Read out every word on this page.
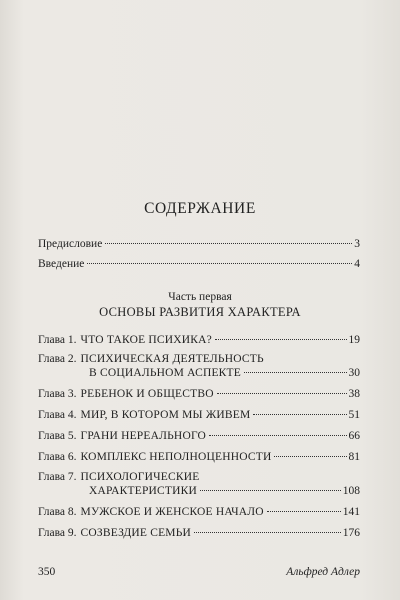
СОДЕРЖАНИЕ
Предисловие	3
Введение	4
Часть первая
ОСНОВЫ РАЗВИТИЯ ХАРАКТЕРА
Глава 1. ЧТО ТАКОЕ ПСИХИКА?	19
Глава 2. ПСИХИЧЕСКАЯ ДЕЯТЕЛЬНОСТЬ
В СОЦИАЛЬНОМ АСПЕКТЕ	30
Глава 3. РЕБЕНОК И ОБЩЕСТВО	38
Глава 4. МИР, В КОТОРОМ МЫ ЖИВЕМ	51
Глава 5. ГРАНИ НЕРЕАЛЬНОГО	66
Глава 6. КОМПЛЕКС НЕПОЛНОЦЕННОСТИ	81
Глава 7. ПСИХОЛОГИЧЕСКИЕ
ХАРАКТЕРИСТИКИ	108
Глава 8. МУЖСКОЕ И ЖЕНСКОЕ НАЧАЛО	141
Глава 9. СОЗВЕЗДИЕ СЕМЬИ	176
350	Альфред Адлер
